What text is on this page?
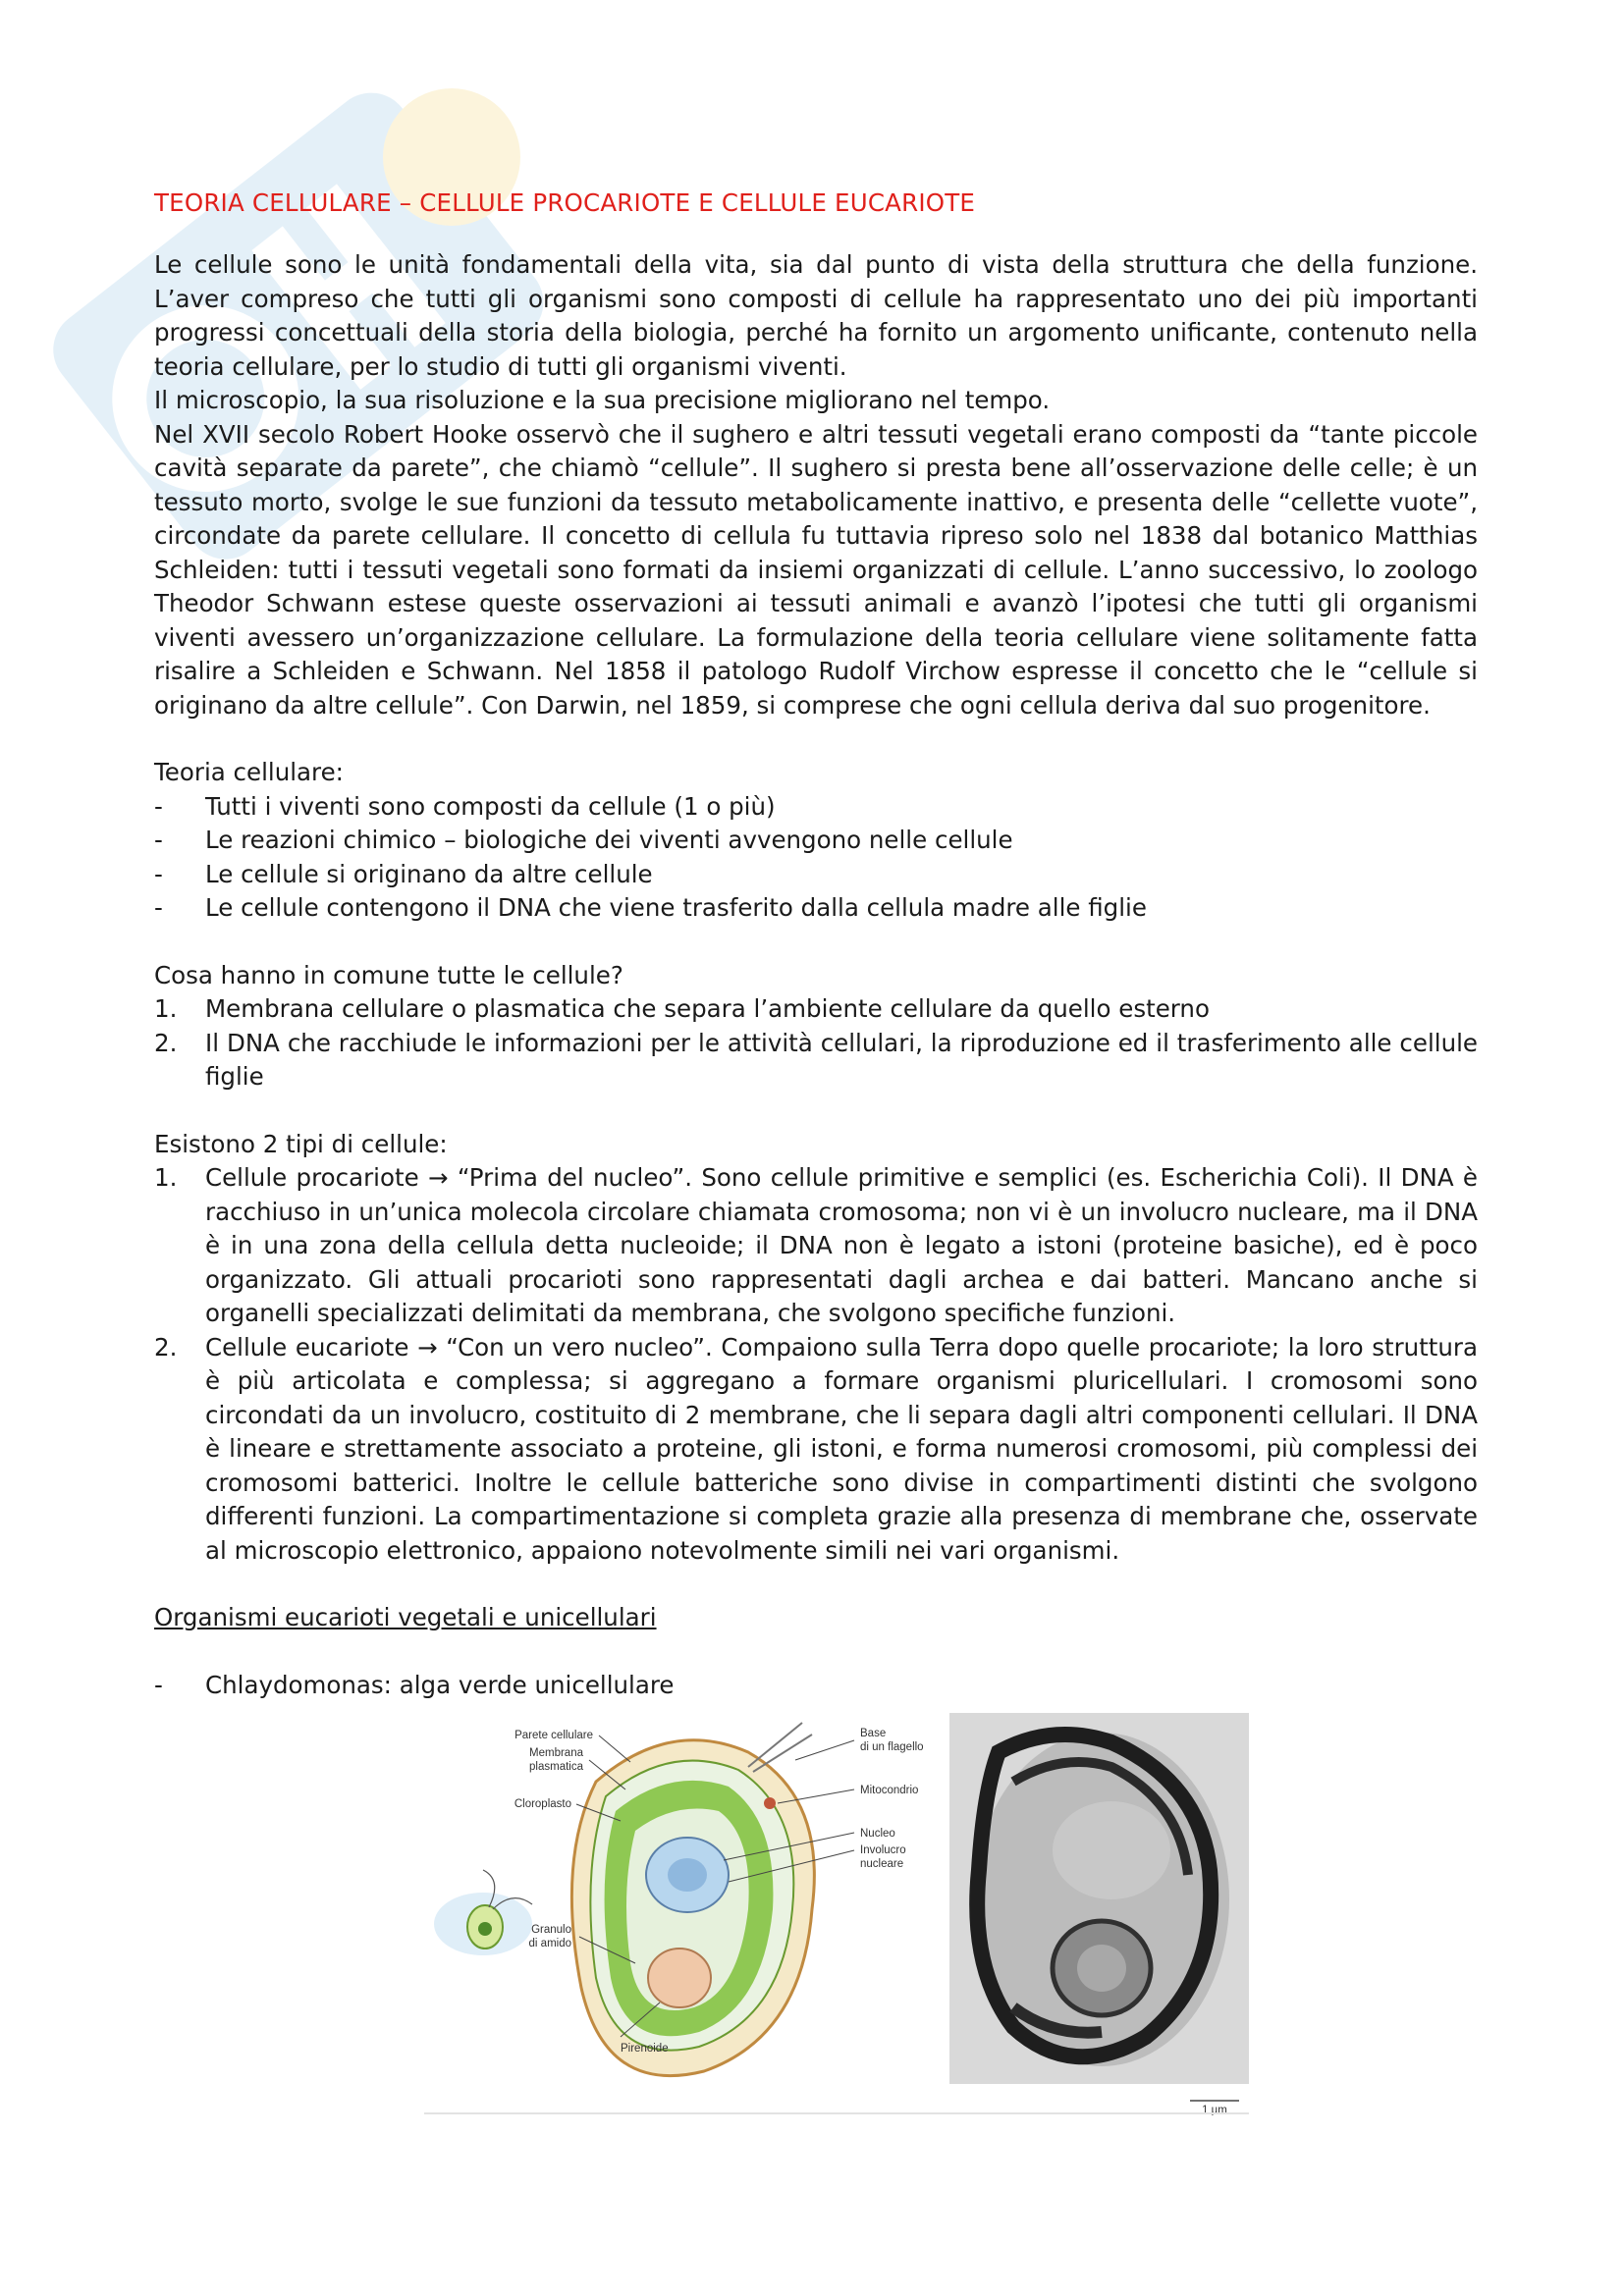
TEORIA CELLULARE – CELLULE PROCARIOTE E CELLULE EUCARIOTE

Le cellule sono le unità fondamentali della vita, sia dal punto di vista della struttura che della funzione. L’aver compreso che tutti gli organismi sono composti di cellule ha rappresentato uno dei più importanti progressi concettuali della storia della biologia, perché ha fornito un argomento unificante, contenuto nella teoria cellulare, per lo studio di tutti gli organismi viventi.

Il microscopio, la sua risoluzione e la sua precisione migliorano nel tempo.

Nel XVII secolo Robert Hooke osservò che il sughero e altri tessuti vegetali erano composti da “tante piccole cavità separate da parete”, che chiamò “cellule”. Il sughero si presta bene all’osservazione delle celle; è un tessuto morto, svolge le sue funzioni da tessuto metabolicamente inattivo, e presenta delle “cellette vuote”, circondate da parete cellulare. Il concetto di cellula fu tuttavia ripreso solo nel 1838 dal botanico Matthias Schleiden: tutti i tessuti vegetali sono formati da insiemi organizzati di cellule. L’anno successivo, lo zoologo Theodor Schwann estese queste osservazioni ai tessuti animali e avanzò l’ipotesi che tutti gli organismi viventi avessero un’organizzazione cellulare. La formulazione della teoria cellulare viene solitamente fatta risalire a Schleiden e Schwann. Nel 1858 il patologo Rudolf Virchow espresse il concetto che le “cellule si originano da altre cellule”. Con Darwin, nel 1859, si comprese che ogni cellula deriva dal suo progenitore.

Teoria cellulare:

-	Tutti i viventi sono composti da cellule (1 o più)
-	Le reazioni chimico – biologiche dei viventi avvengono nelle cellule
-	Le cellule si originano da altre cellule
-	Le cellule contengono il DNA che viene trasferito dalla cellula madre alle figlie

Cosa hanno in comune tutte le cellule?

1.	Membrana cellulare o plasmatica che separa l’ambiente cellulare da quello esterno
2.	Il DNA che racchiude le informazioni per le attività cellulari, la riproduzione ed il trasferimento alle cellule figlie

Esistono 2 tipi di cellule:

1.	Cellule procariote → “Prima del nucleo”. Sono cellule primitive e semplici (es. Escherichia Coli). Il DNA è racchiuso in un’unica molecola circolare chiamata cromosoma; non vi è un involucro nucleare, ma il DNA è in una zona della cellula detta nucleoide; il DNA non è legato a istoni (proteine basiche), ed è poco organizzato. Gli attuali procarioti sono rappresentati dagli archea e dai batteri. Mancano anche si organelli specializzati delimitati da membrana, che svolgono specifiche funzioni.
2.	Cellule eucariote → “Con un vero nucleo”. Compaiono sulla Terra dopo quelle procariote; la loro struttura è più articolata e complessa; si aggregano a formare organismi pluricellulari. I cromosomi sono circondati da un involucro, costituito di 2 membrane, che li separa dagli altri componenti cellulari. Il DNA è lineare e strettamente associato a proteine, gli istoni, e forma numerosi cromosomi, più complessi dei cromosomi batterici. Inoltre le cellule batteriche sono divise in compartimenti distinti che svolgono differenti funzioni. La compartimentazione si completa grazie alla presenza di membrane che, osservate al microscopio elettronico, appaiono notevolmente simili nei vari organismi.

Organismi eucarioti vegetali e unicellulari

-	Chlaydomonas: alga verde unicellulare
Parete cellulare
Membrana
plasmatica
Cloroplasto
Granulo
di amido
Pirenoide
Base
di un flagello
Mitocondrio
Nucleo
Involucro
nucleare
1 µm
